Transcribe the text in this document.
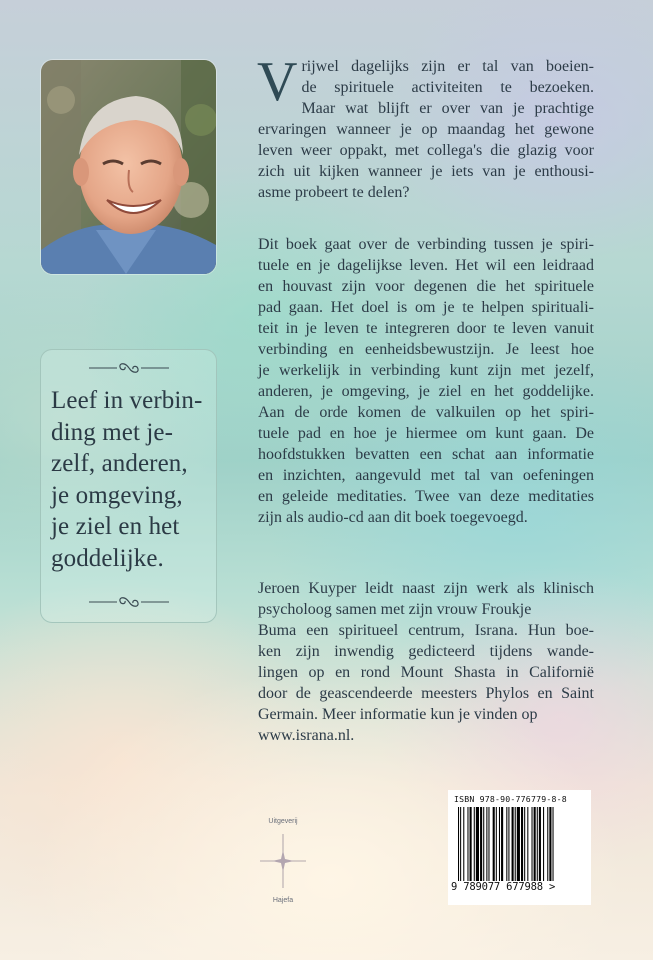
V rijwel dagelijks zijn er tal van boeien-
de spirituele activiteiten te bezoeken.
Maar wat blijft er over van je prachtige
ervaringen wanneer je op maandag het gewone
leven weer oppakt, met collega's die glazig voor
zich uit kijken wanneer je iets van je enthousi-
asme probeert te delen?
Dit boek gaat over de verbinding tussen je spiri-
tuele en je dagelijkse leven. Het wil een leidraad
en houvast zijn voor degenen die het spirituele
pad gaan. Het doel is om je te helpen spirituali-
teit in je leven te integreren door te leven vanuit
verbinding en eenheidsbewustzijn. Je leest hoe
je werkelijk in verbinding kunt zijn met jezelf,
anderen, je omgeving, je ziel en het goddelijke.
Aan de orde komen de valkuilen op het spiri-
tuele pad en hoe je hiermee om kunt gaan. De
hoofdstukken bevatten een schat aan informatie
en inzichten, aangevuld met tal van oefeningen
en geleide meditaties. Twee van deze meditaties
zijn als audio-cd aan dit boek toegevoegd.
Jeroen Kuyper leidt naast zijn werk als klinisch
psycholoog samen met zijn vrouw Froukje
Buma een spiritueel centrum, Israna. Hun boe-
ken zijn inwendig gedicteerd tijdens wande-
lingen op en rond Mount Shasta in Californië
door de geascendeerde meesters Phylos en Saint
Germain. Meer informatie kun je vinden op
www.israna.nl.
Leef in verbin-
ding met je-
zelf, anderen,
je omgeving,
je ziel en het
goddelijke.
Uitgeverij
Hajefa
ISBN 978-90-776779-8-8
9 789077 677988 >
